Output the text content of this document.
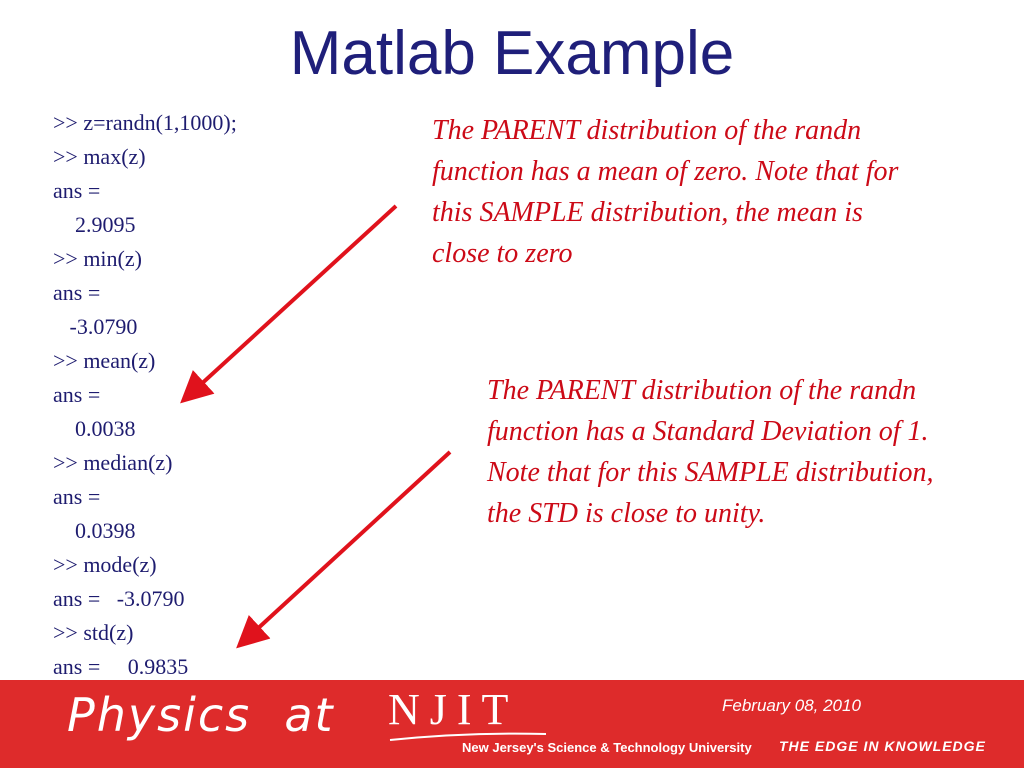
Matlab Example
>> z=randn(1,1000);
>> max(z)
ans =
2.9095
>> min(z)
ans =
-3.0790
>> mean(z)
ans =
0.0038
>> median(z)
ans =
0.0398
>> mode(z)
ans =   -3.0790
>> std(z)
ans =     0.9835

The PARENT distribution of the randn function has a mean of zero. Note that for this SAMPLE distribution, the mean is close to zero

The PARENT distribution of the randn function has a Standard Deviation of 1. Note that for this SAMPLE distribution, the STD is close to unity.

Physics  at NJIT
New Jersey's Science & Technology University
February 08, 2010
THE EDGE IN KNOWLEDGE
